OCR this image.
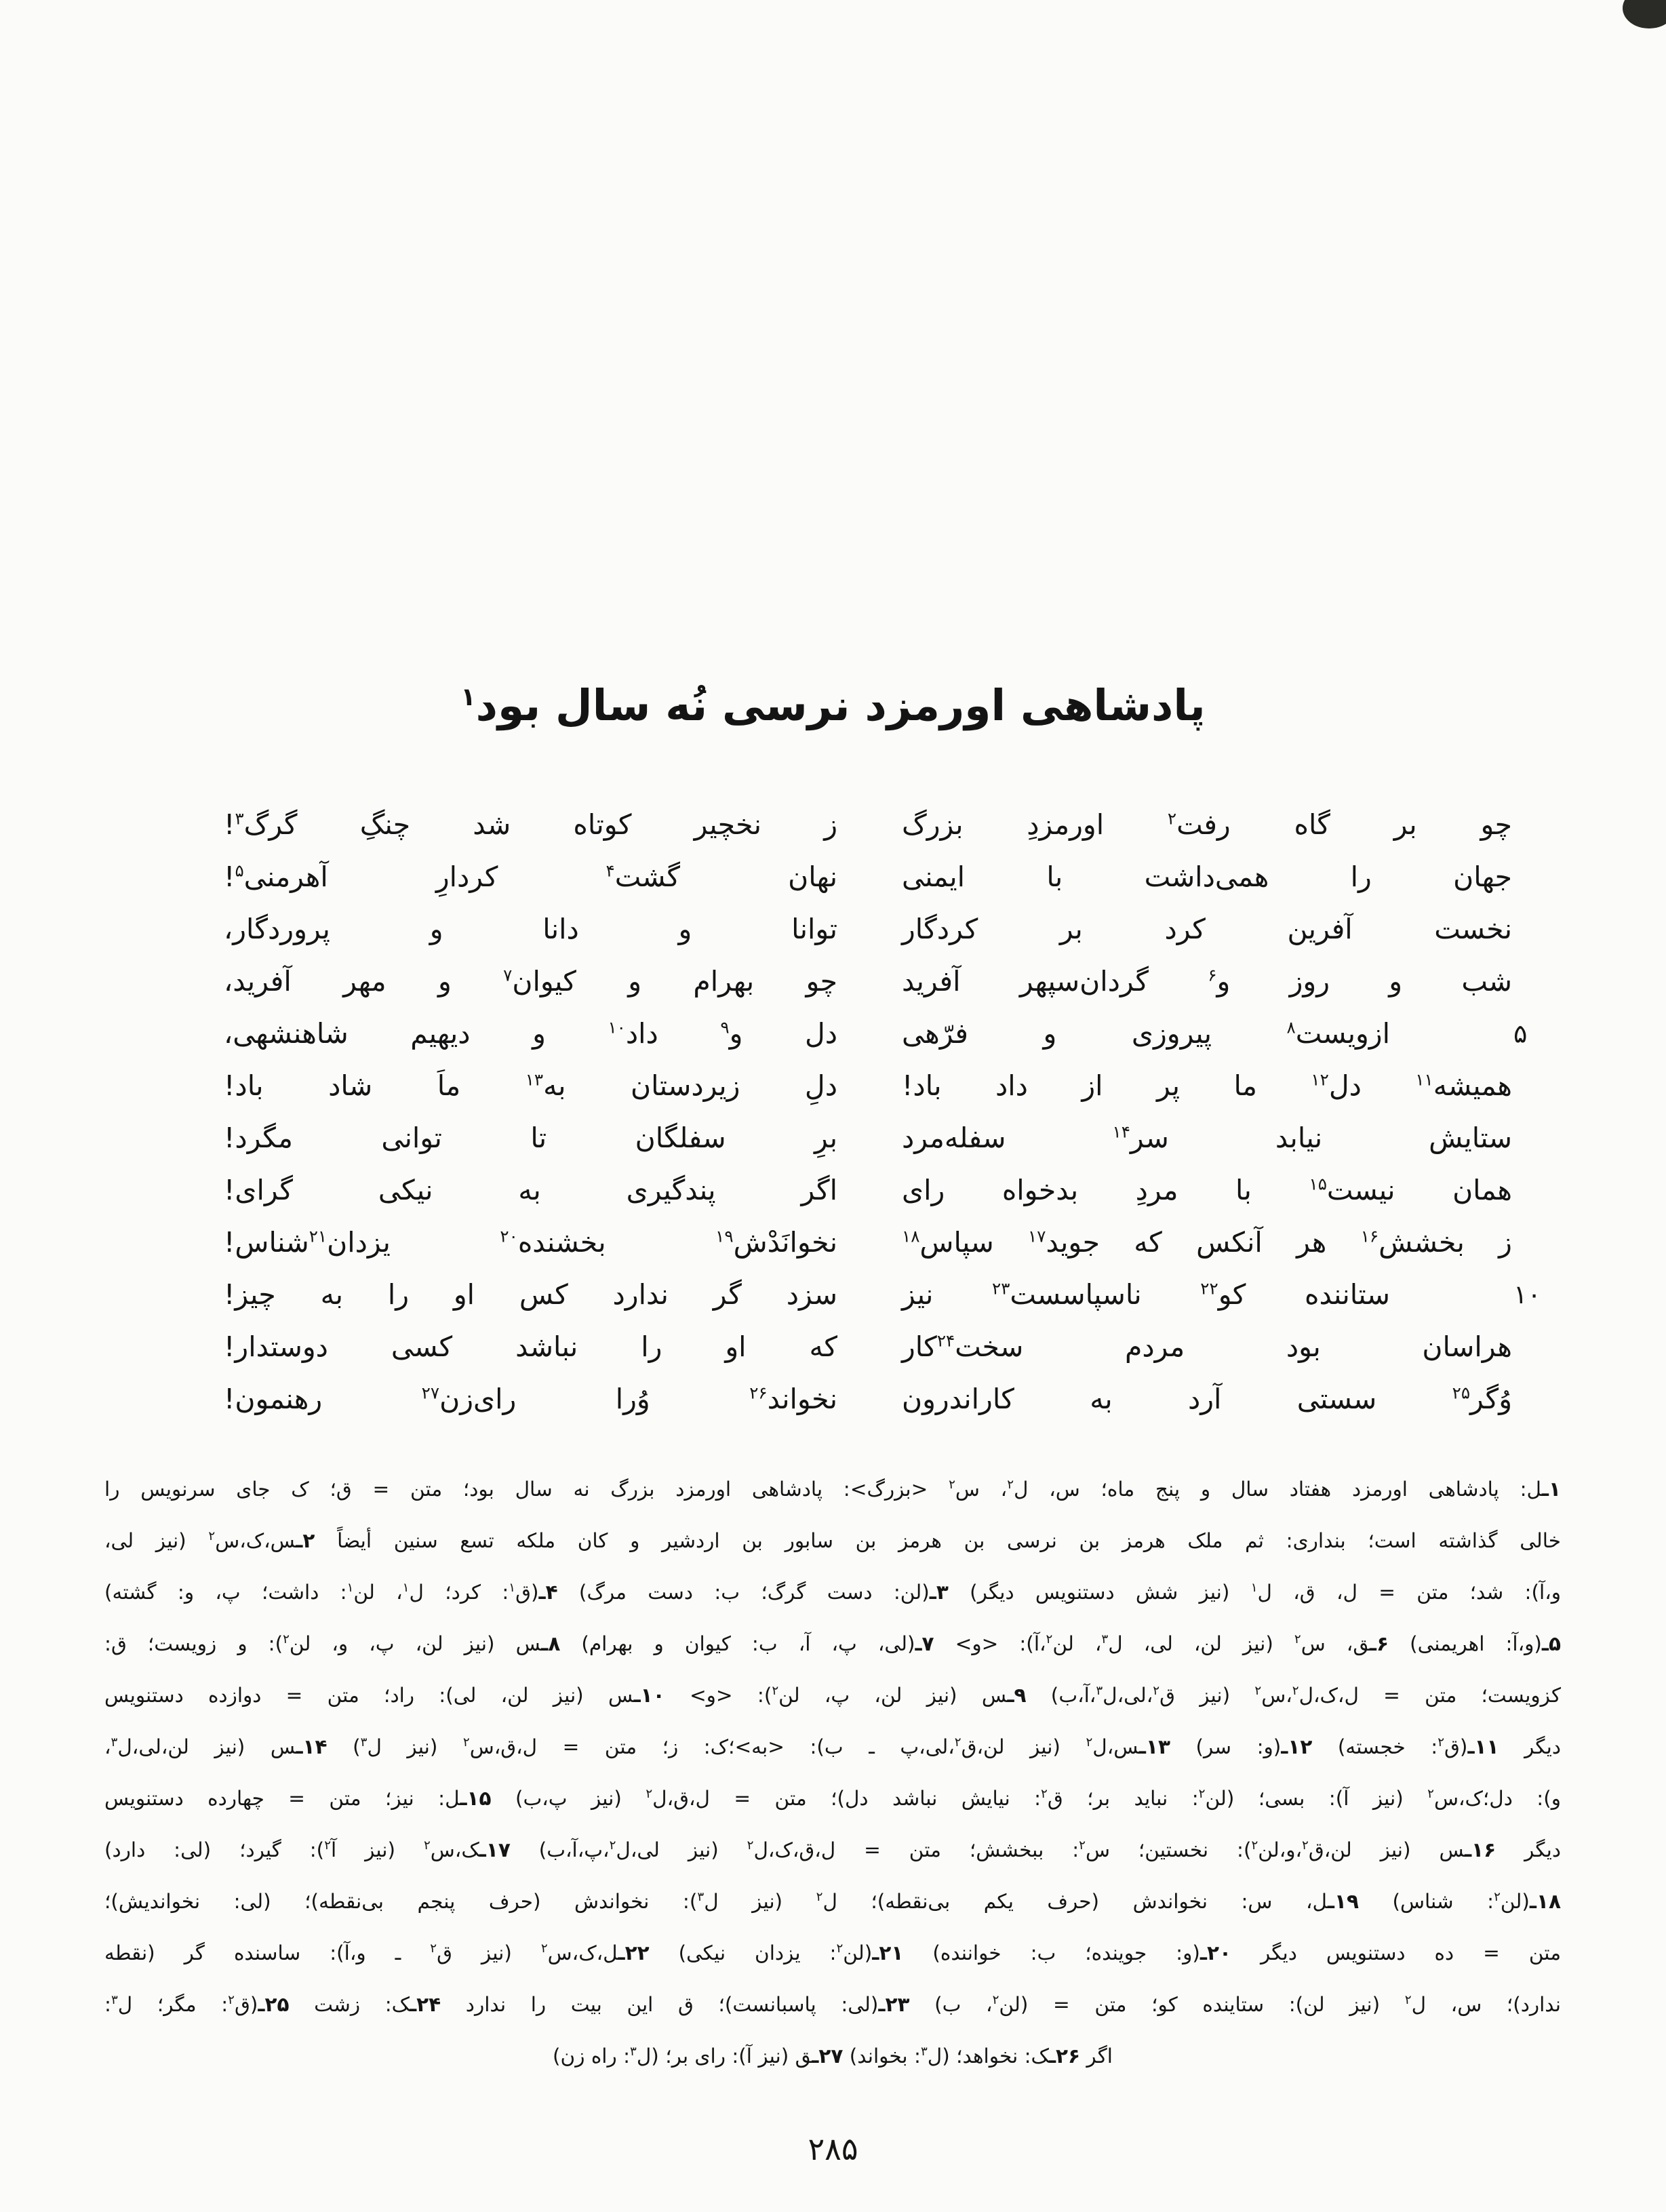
پادشاهی اورمزد نرسی نُه سال بود$^۱$
چو بر گاه رفت$^۲$ اورمزدِ بزرگ
ز نخچیر کوتاه شد چنگِ گرگ$^۳$!
جهان را همی‌داشت با ایمنی
نهان گشت$^۴$ کردارِ آهرمنی$^۵$!
نخست آفرین کرد بر کردگار
توانا و دانا و پروردگار،
شب و روز و$^۶$ گردان‌سپهر آفرید
چو بهرام و کیوان$^۷$ و مهر آفرید،
۵
ازویست$^۸$ پیروزی و فرّهی
دل و$^۹$ داد$^{۱۰}$ و دیهیم شاهنشهی،
همیشه$^{۱۱}$ دل$^{۱۲}$ ما پر از داد باد!
دلِ زیردستان به$^{۱۳}$ ماَ شاد باد!
ستایش نیابد سر$^{۱۴}$ سفله‌مرد
برِ سفلگان تا توانی مگرد!
همان نیست$^{۱۵}$ با مردِ بدخواه رای
اگر پندگیری به نیکی گرای!
ز بخشش$^{۱۶}$ هر آنکس که جوید$^{۱۷}$ سپاس$^{۱۸}$
نخوانَدْش$^{۱۹}$ بخشنده$^{۲۰}$ یزدان$^{۲۱}$شناس!
۱۰
ستاننده کو$^{۲۲}$ ناسپاسست$^{۲۳}$ نیز
سزد گر ندارد کس او را به چیز!
هراسان بود مردم سخت$^{۲۴}$کار
که او را نباشد کسی دوستدار!
وُگر$^{۲۵}$ سستی آرد به کاراندرون
نخواند$^{۲۶}$ وُرا رای‌زن$^{۲۷}$ رهنمون!
۱ـل: پادشاهی اورمزد هفتاد سال و پنج ماه؛ س، ل$^۲$، س$^۲$ <بزرگ>: پادشاهی اورمزد بزرگ نه سال بود؛ متن = ق؛ ک جای سرنویس را
خالی گذاشته است؛ بنداری: ثم ملک هرمز بن نرسی بن هرمز بن سابور بن اردشیر و کان ملکه تسع سنین أیضاً ۲ـس،ک،س$^۲$ (نیز لی،
و،آ): شد؛ متن = ل، ق، ل$^۱$ (نیز شش دستنویس دیگر) ۳ـ(لن: دست گرگ؛ ب: دست مرگ) ۴ـ(ق$^۱$: کرد؛ ل$^۱$، لن$^۱$: داشت؛ پ، و: گشته)
۵ـ(و،آ: اهریمنی) ۶ـق، س$^۲$ (نیز لن، لی، ل$^۳$، لن$^۲$،آ): <و> ۷ـ(لی، پ، آ، ب: کیوان و بهرام) ۸ـس (نیز لن، پ، و، لن$^۲$): و زویست؛ ق:
کزویست؛ متن = ل،ک،ل$^۲$،س$^۲$ (نیز ق$^۲$،لی،ل$^۳$،آ،ب) ۹ـس (نیز لن، پ، لن$^۲$): <و> ۱۰ـس (نیز لن، لی): راد؛ متن = دوازده دستنویس
دیگر ۱۱ـ(ق$^۲$: خجسته) ۱۲ـ(و: سر) ۱۳ـس،ل$^۲$ (نیز لن،ق$^۲$،لی،پ ـ ب): <به>؛ک: ز؛ متن = ل،ق،س$^۲$ (نیز ل$^۳$) ۱۴ـس (نیز لن،لی،ل$^۳$،
و): دل؛ک،س$^۲$ (نیز آ): بسی؛ (لن$^۲$: نباید بر؛ ق$^۲$: نیایش نباشد دل)؛ متن = ل،ق،ل$^۲$ (نیز پ،ب) ۱۵ـل: نیز؛ متن = چهارده دستنویس
دیگر ۱۶ـس (نیز لن،ق$^۲$،و،لن$^۲$): نخستین؛ س$^۲$: ببخشش؛ متن = ل،ق،ک،ل$^۲$ (نیز لی،ل$^۲$،پ،آ،ب) ۱۷ـک،س$^۲$ (نیز آ$^۲$): گیرد؛ (لی: دارد)
۱۸ـ(لن$^۲$: شناس) ۱۹ـل، س: نخواندش (حرف یکم بی‌نقطه)؛ ل$^۲$ (نیز ل$^۳$): نخواندش (حرف پنجم بی‌نقطه)؛ (لی: نخواندیش)؛
متن = ده دستنویس دیگر ۲۰ـ(و: جوینده؛ ب: خواننده) ۲۱ـ(لن$^۲$: یزدان نیکی) ۲۲ـل،ک،س$^۲$ (نیز ق$^۲$ ـ و،آ): ساسنده گر (نقطه
ندارد)؛ س، ل$^۲$ (نیز لن): ستاینده کو؛ متن = (لن$^۲$، ب) ۲۳ـ(لی: پاسبانست)؛ ق این بیت را ندارد ۲۴ـک: زشت ۲۵ـ(ق$^۲$: مگر؛ ل$^۳$:
اگر ۲۶ـک: نخواهد؛ (ل$^۳$: بخواند) ۲۷ـق (نیز آ): رای بر؛ (ل$^۳$: راه زن)
۲۸۵
